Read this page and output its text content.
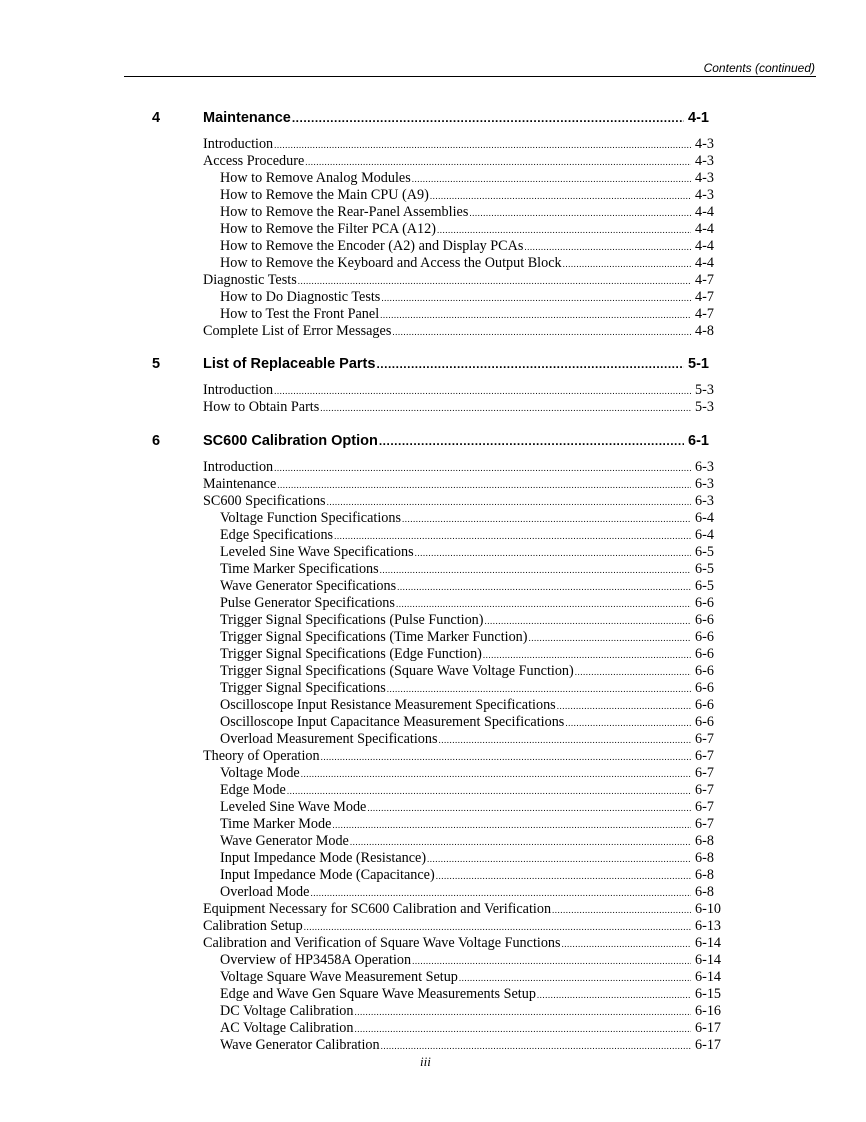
Contents (continued)
4	Maintenance .....	4-1
Introduction .....	4-3
Access Procedure .....	4-3
How to Remove Analog Modules .....	4-3
How to Remove the Main CPU (A9) .....	4-3
How to Remove the Rear-Panel Assemblies .....	4-4
How to Remove the Filter PCA (A12) .....	4-4
How to Remove the Encoder (A2) and Display PCAs .....	4-4
How to Remove the Keyboard and Access the Output Block .....	4-4
Diagnostic Tests .....	4-7
How to Do Diagnostic Tests .....	4-7
How to Test the Front Panel .....	4-7
Complete List of Error Messages .....	4-8
5	List of Replaceable Parts .....	5-1
Introduction .....	5-3
How to Obtain Parts .....	5-3
6	SC600 Calibration Option .....	6-1
Introduction .....	6-3
Maintenance .....	6-3
SC600 Specifications .....	6-3
Voltage Function Specifications .....	6-4
Edge Specifications .....	6-4
Leveled Sine Wave Specifications .....	6-5
Time Marker Specifications .....	6-5
Wave Generator Specifications .....	6-5
Pulse Generator Specifications .....	6-6
Trigger Signal Specifications (Pulse Function) .....	6-6
Trigger Signal Specifications (Time Marker Function) .....	6-6
Trigger Signal Specifications (Edge Function) .....	6-6
Trigger Signal Specifications (Square Wave Voltage Function) .....	6-6
Trigger Signal Specifications .....	6-6
Oscilloscope Input Resistance Measurement Specifications .....	6-6
Oscilloscope Input Capacitance Measurement Specifications .....	6-6
Overload Measurement Specifications .....	6-7
Theory of Operation .....	6-7
Voltage Mode .....	6-7
Edge Mode .....	6-7
Leveled Sine Wave Mode .....	6-7
Time Marker Mode .....	6-7
Wave Generator Mode .....	6-8
Input Impedance Mode (Resistance) .....	6-8
Input Impedance Mode (Capacitance) .....	6-8
Overload Mode .....	6-8
Equipment Necessary for SC600 Calibration and Verification .....	6-10
Calibration Setup .....	6-13
Calibration and Verification of Square Wave Voltage Functions .....	6-14
Overview of HP3458A Operation .....	6-14
Voltage Square Wave Measurement Setup .....	6-14
Edge and Wave Gen Square Wave Measurements Setup .....	6-15
DC Voltage Calibration .....	6-16
AC Voltage Calibration .....	6-17
Wave Generator Calibration .....	6-17
iii
